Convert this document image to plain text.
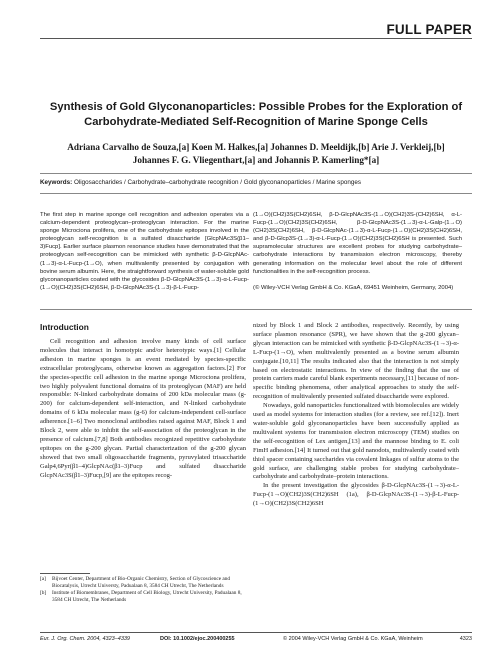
FULL PAPER
Synthesis of Gold Glyconanoparticles: Possible Probes for the Exploration of
Carbohydrate-Mediated Self-Recognition of Marine Sponge Cells
Adriana Carvalho de Souza,[a] Koen M. Halkes,[a] Johannes D. Meeldijk,[b] Arie J. Verkleij,[b]
Johannes F. G. Vliegenthart,[a] and Johannis P. Kamerling*[a]
Keywords: Oligosaccharides / Carbohydrate–carbohydrate recognition / Gold glyconanoparticles / Marine sponges

The first step in marine sponge cell recognition and adhesion operates via a calcium-dependent proteoglycan–proteoglycan interaction. For the marine sponge Microciona prolifera, one of the carbohydrate epitopes involved in the proteoglycan self-recognition is a sulfated disaccharide [GlcpNAc3S(β1–3)Fucp]. Earlier surface plasmon resonance studies have demonstrated that the proteoglycan self-recognition can be mimicked with synthetic β-D-GlcpNAc-(1→3)-α-L-Fucp-(1→O), when multivalently presented by conjugation with bovine serum albumin. Here, the straightforward synthesis of water-soluble gold glyconanoparticles coated with the glycosides β-D-GlcpNAc3S-(1→3)-α-L-Fucp-(1→O)(CH2)3S(CH2)6SH, β-D-GlcpNAc3S-(1→3)-β-L-Fucp-

(1→O)(CH2)3S(CH2)6SH, β-D-GlcpNAc3S-(1→O)(CH2)3S-(CH2)6SH, α-L-Fucp-(1→O)(CH2)3S(CH2)6SH, β-D-GlcpNAc3S-(1→3)-α-L-Galp-(1→O)(CH2)3S(CH2)6SH, β-D-GlcpNAc-(1→3)-α-L-Fucp-(1→O)(CH2)3S(CH2)6SH, and β-D-Glcp3S-(1→3)-α-L-Fucp-(1→O)(CH2)3S(CH2)6SH is presented. Such supramolecular structures are excellent probes for studying carbohydrate–carbohydrate interactions by transmission electron microscopy, thereby generating information on the molecular level about the role of different functionalities in the self-recognition process.

(© Wiley-VCH Verlag GmbH & Co. KGaA, 69451 Weinheim, Germany, 2004)

Introduction

Cell recognition and adhesion involve many kinds of cell surface molecules that interact in homotypic and/or heterotypic ways.[1] Cellular adhesion in marine sponges is an event mediated by species-specific extracellular proteoglycans, otherwise known as aggregation factors.[2] For the species-specific cell adhesion in the marine sponge Microciona prolifera, two highly polyvalent functional domains of its proteoglycan (MAF) are held responsible: N-linked carbohydrate domains of 200 kDa molecular mass (g-200) for calcium-dependent self-interaction, and N-linked carbohydrate domains of 6 kDa molecular mass (g-6) for calcium-independent cell-surface adherence.[1–6] Two monoclonal antibodies raised against MAF, Block 1 and Block 2, were able to inhibit the self-association of the proteoglycan in the presence of calcium.[7,8] Both antibodies recognized repetitive carbohydrate epitopes on the g-200 glycan. Partial characterization of the g-200 glycan showed that two small oligosaccharide fragments, pyruvylated trisaccharide Galp4,6Pyr(β1–4)GlcpNAc(β1–3)Fucp and sulfated disaccharide GlcpNAc3S(β1–3)Fucp,[9] are the epitopes recog-

nized by Block 1 and Block 2 antibodies, respectively. Recently, by using surface plasmon resonance (SPR), we have shown that the g-200 glycan–glycan interaction can be mimicked with synthetic β-D-GlcpNAc3S-(1→3)-α-L-Fucp-(1→O), when multivalently presented as a bovine serum albumin conjugate.[10,11] The results indicated also that the interaction is not simply based on electrostatic interactions. In view of the finding that the use of protein carriers made careful blank experiments necessary,[11] because of non-specific binding phenomena, other analytical approaches to study the self-recognition of multivalently presented sulfated disaccharide were explored.

Nowadays, gold nanoparticles functionalized with biomolecules are widely used as model systems for interaction studies (for a review, see ref.[12]). Inert water-soluble gold glyconanoparticles have been successfully applied as multivalent systems for transmission electron microscopy (TEM) studies on the self-recognition of Lex antigen,[13] and the mannose binding to E. coli FimH adhesion.[14] It turned out that gold nanodots, multivalently coated with thiol spacer containing saccharides via covalent linkages of sulfur atoms to the gold surface, are challenging stable probes for studying carbohydrate–carbohydrate and carbohydrate–protein interactions.

In the present investigation the glycosides β-D-GlcpNAc3S-(1→3)-α-L-Fucp-(1→O)(CH2)3S(CH2)6SH (1a), β-D-GlcpNAc3S-(1→3)-β-L-Fucp-(1→O)(CH2)3S(CH2)6SH

[a] Bijvoet Center, Department of Bio-Organic Chemistry, Section of Glycoscience and Biocatalysis, Utrecht Universty, Padualaan 8, 3584 CH Utrecht, The Netherlands
[b] Institute of Biomembranes, Department of Cell Biology, Utrecht University, Padualaan 8, 3584 CH Utrecht, The Netherlands
Eur. J. Org. Chem. 2004, 4323–4339	DOI: 10.1002/ejoc.200400255	© 2004 Wiley-VCH Verlag GmbH & Co. KGaA, Weinheim	4323
